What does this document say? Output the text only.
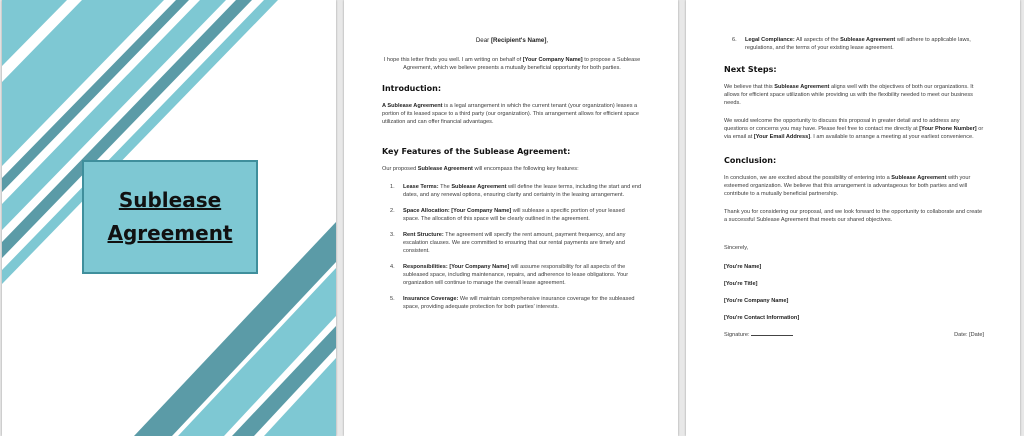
Sublease
Agreement
Dear [Recipient's Name],
I hope this letter finds you well. I am writing on behalf of [Your Company Name] to propose a Sublease Agreement, which we believe presents a mutually beneficial opportunity for both parties.
Introduction:
A Sublease Agreement is a legal arrangement in which the current tenant (your organization) leases a portion of its leased space to a third party (our organization). This arrangement allows for efficient space utilization and can offer financial advantages.
Key Features of the Sublease Agreement:
Our proposed Sublease Agreement will encompass the following key features:
1.	Lease Terms: The Sublease Agreement will define the lease terms, including the start and end dates, and any renewal options, ensuring clarity and certainty in the leasing arrangement.
2.	Space Allocation: [Your Company Name] will sublease a specific portion of your leased space. The allocation of this space will be clearly outlined in the agreement.
3.	Rent Structure: The agreement will specify the rent amount, payment frequency, and any escalation clauses. We are committed to ensuring that our rental payments are timely and consistent.
4.	Responsibilities: [Your Company Name] will assume responsibility for all aspects of the subleased space, including maintenance, repairs, and adherence to lease obligations. Your organization will continue to manage the overall lease agreement.
5.	Insurance Coverage: We will maintain comprehensive insurance coverage for the subleased space, providing adequate protection for both parties' interests.
6.	Legal Compliance: All aspects of the Sublease Agreement will adhere to applicable laws, regulations, and the terms of your existing lease agreement.
Next Steps:
We believe that this Sublease Agreement aligns well with the objectives of both our organizations. It allows for efficient space utilization while providing us with the flexibility needed to meet our business needs.
We would welcome the opportunity to discuss this proposal in greater detail and to address any questions or concerns you may have. Please feel free to contact me directly at [Your Phone Number] or via email at [Your Email Address]. I am available to arrange a meeting at your earliest convenience.
Conclusion:
In conclusion, we are excited about the possibility of entering into a Sublease Agreement with your esteemed organization. We believe that this arrangement is advantageous for both parties and will contribute to a mutually beneficial partnership.
Thank you for considering our proposal, and we look forward to the opportunity to collaborate and create a successful Sublease Agreement that meets our shared objectives.
Sincerely,
[You're Name]
[You're Title]
[You're Company Name]
[You're Contact Information]
Signature:	Date: [Date]
